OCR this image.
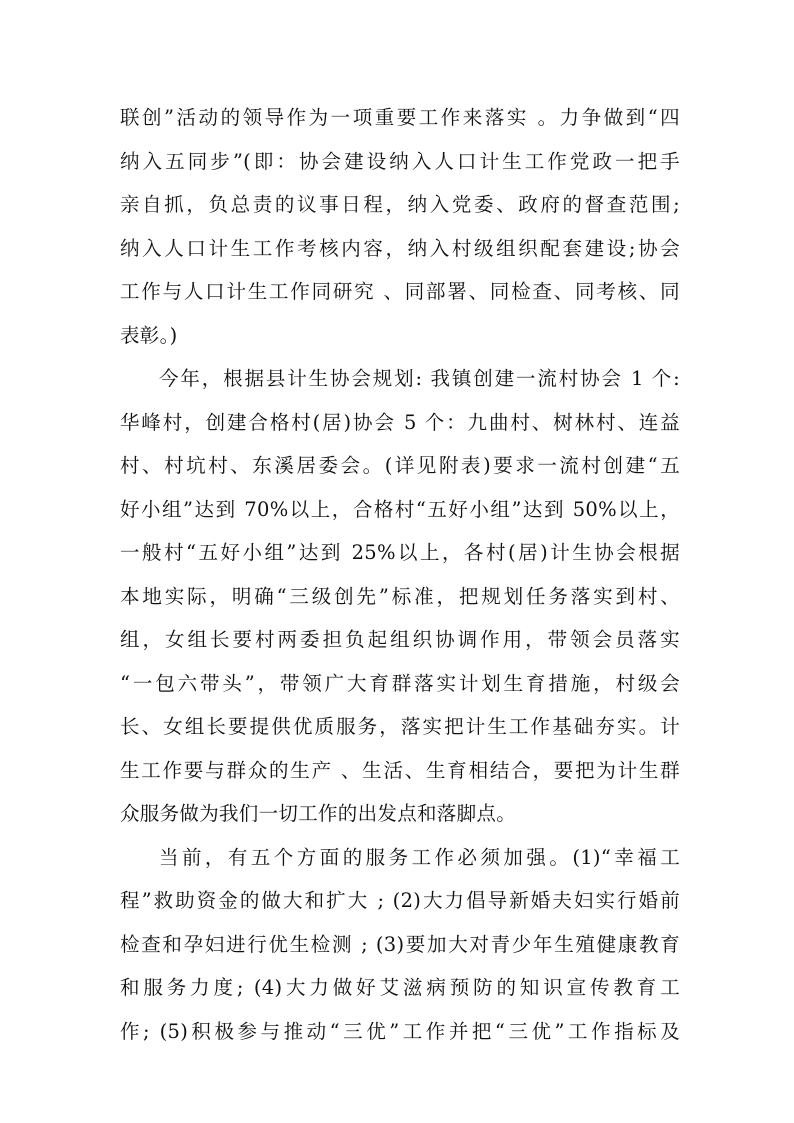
联创”活动的领导作为一项重要工作来落实 。力争做到“四
纳入五同步”(即：协会建设纳入人口计生工作党政一把手
亲自抓，负总责的议事日程，纳入党委、政府的督查范围;
纳入人口计生工作考核内容，纳入村级组织配套建设;协会
工作与人口计生工作同研究 、同部署、同检查、同考核、同
表彰。)
今年，根据县计生协会规划: 我镇创建一流村协会 1 个:
华峰村，创建合格村(居)协会 5 个：九曲村、树林村、连益
村、村坑村、东溪居委会。(详见附表)要求一流村创建“五
好小组”达到 70%以上，合格村“五好小组”达到 50%以上，
一般村“五好小组”达到 25%以上，各村(居)计生协会根据
本地实际，明确“三级创先”标准，把规划任务落实到村、
组，女组长要村两委担负起组织协调作用，带领会员落实
“一包六带头”，带领广大育群落实计划生育措施，村级会
长、女组长要提供优质服务，落实把计生工作基础夯实。计
生工作要与群众的生产 、生活、生育相结合，要把为计生群
众服务做为我们一切工作的出发点和落脚点。
当前，有五个方面的服务工作必须加强。(1)“幸福工
程”救助资金的做大和扩大 ; (2)大力倡导新婚夫妇实行婚前
检查和孕妇进行优生检测 ; (3)要加大对青少年生殖健康教育
和服务力度; (4)大力做好艾滋病预防的知识宣传教育工
作; (5)积极参与推动“三优”工作并把“三优”工作指标及
